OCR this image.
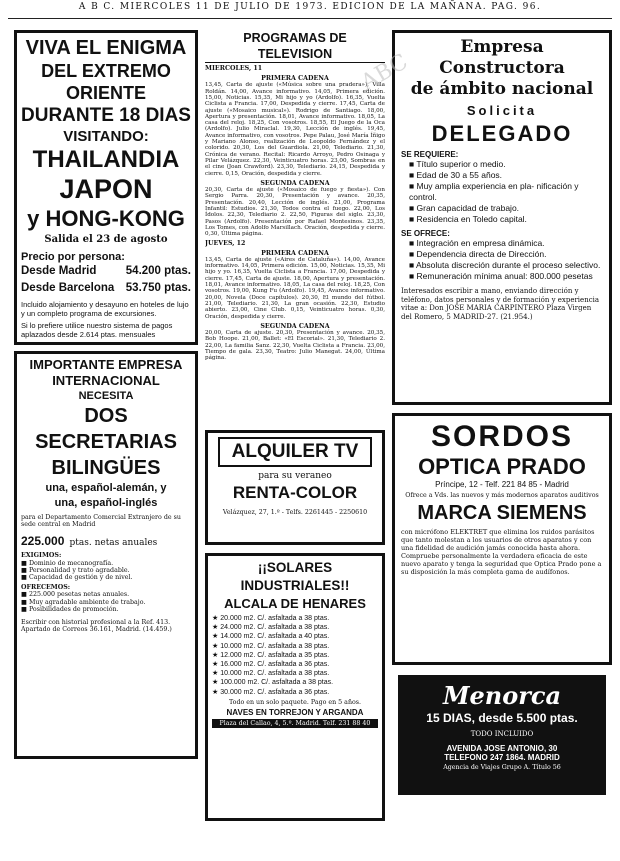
A B C. MIERCOLES 11 DE JULIO DE 1973. EDICION DE LA MAÑANA. PAG. 96.
VIVA EL ENIGMA
DEL EXTREMO ORIENTE
DURANTE 18 DIAS
VISITANDO:
THAILANDIA
JAPON
y HONG-KONG
Salida el 23 de agosto
Precio por persona:
Desde Madrid	54.200 ptas.
Desde Barcelona 53.750 ptas.
Incluido alojamiento y desayuno en hoteles de lujo y un completo programa de excursiones.
Si lo prefiere utilice nuestro sistema de pagos aplazados desde 2.614 ptas. mensuales
IMPORTANTE EMPRESA
INTERNACIONAL
NECESITA
DOS SECRETARIAS
BILINGÜES
una, español-alemán, y
una, español-inglés
para el Departamento Comercial Extranjero de su sede central en Madrid
225.000 ptas. netas anuales
EXIGIMOS:
■ Dominio de mecanografía.
■ Personalidad y trato agradable.
■ Capacidad de gestión y de nivel.
OFRECEMOS:
■ 225.000 pesetas netas anuales.
■ Muy agradable ambiente de trabajo.
■ Posibilidades de promoción.
Escribir con historial profesional a la Ref. 413. Apartado de Correos 36.161, Madrid. (14.459.)
PROGRAMAS DE TELEVISION
MIERCOLES, 11
PRIMERA CADENA
13,45, Carta de ajuste («Música sobre una pradera»), Villa Roldán. 14,00, Avance informativo. 14,05, Primera edición. 15,00, Noticias. 15,35, Mi hijo y yo (Ardolfo). 16,35, Vuelta Ciclista a Francia. 17,00, Despedida y cierre. 17,45, Carta de ajuste («Mosaico musical»). Rodrigo de Santiago. 18,00, Apertura y presentación. 18,01, Avance informativo. 18,05, La casa del reloj. 18,25, Con vosotros. 18,55, El Juego de la Oca (Ardolfo). Julio Miraclal. 19,30, Lección de inglés. 19,45, Avance informativo, con vosotros. Pepe Palau, José María Íñigo y Mariano Alonso, realización de Leopoldo Fernández y el colorido. 20,30, Los del Guardiola. 21,00, Telediario. 21,30, Crónica de verano. Recital: Ricardo Arroyo, Pedro Osinaga y Pilar Velázquez. 22,30, Veinticuatro horas. 23,00, Sombras en el cine (Joan Crawford). 23,30, Telediario. 24,15, Despedida y cierre. 0,15, Oración, despedida y cierre.
SEGUNDA CADENA
20,30, Carta de ajuste («Mosaico de fuego y fiesta»). Con Sergio Parra. 20,30, Presentación y avance. 20,35, Presentación. 20,40, Lección de inglés. 21,00, Programa Infantil: Estudios. 21,30, Todos contra el fuego. 22,00, Los Ídolos. 22,30, Telediario 2. 22,50, Figuras del siglo. 23,30, Pasos (Ardolfo). Presentación por Rafael Montesinos. 23,35, Los Tomes, con Adolfo Marsillach. Oración, despedida y cierre. 0,30, Última página.
JUEVES, 12
PRIMERA CADENA
13,45, Carta de ajuste («Aires de Cataluña»). 14,00, Avance informativo. 14,05, Primera edición. 15,00, Noticias. 15,35, Mi hijo y yo. 16,35, Vuelta Ciclista a Francia. 17,00, Despedida y cierre. 17,45, Carta de ajuste. 18,00, Apertura y presentación. 18,01, Avance informativo. 18,05, La casa del reloj. 18,25, Con vosotros. 19,00, Kung Fu (Ardolfo). 19,45, Avance informativo. 20,00, Novela (Doce capítulos). 20,30, El mundo del fútbol. 21,00, Telediario. 21,30, La gran ocasión. 22,30, Estudio abierto. 23,00, Cine Club. 0,15, Veinticuatro horas. 0,30, Oración, despedida y cierre.
SEGUNDA CADENA
20,00, Carta de ajuste. 20,30, Presentación y avance. 20,35, Bob Hoope. 21,00, Ballet: «El Escorial». 21,30, Telediario 2. 22,00, La familia Sanz. 22,30, Vuelta Ciclista a Francia. 23,00, Tiempo de gala. 23,30, Teatro: Julio Manegat. 24,00, Última página.
ALQUILER TV
para su veraneo
RENTA-COLOR
Velázquez, 27, 1.º - Telfs. 2261445 - 2250610
¡¡SOLARES INDUSTRIALES!!
ALCALA DE HENARES
★ 20.000 m2. C/. asfaltada a 38 ptas.
★ 24.000 m2. C/. asfaltada a 38 ptas.
★ 14.000 m2. C/. asfaltada a 40 ptas.
★ 10.000 m2. C/. asfaltada a 38 ptas.
★ 12.000 m2. C/. asfaltada a 35 ptas.
★ 16.000 m2. C/. asfaltada a 36 ptas.
★ 10.000 m2. C/. asfaltada a 38 ptas.
★ 100.000 m2. C/. asfaltada a 38 ptas.
★ 30.000 m2. C/. asfaltada a 36 ptas.
Todo en un solo paquete. Pago en 5 años.
NAVES EN TORREJON Y ARGANDA
Plaza del Callao, 4, 5.º. Madrid. Telf. 231 88 40
Empresa Constructora
de ámbito nacional
Solicita
DELEGADO
SE REQUIERE:
■ Título superior o medio.
■ Edad de 30 a 55 años.
■ Muy amplia experiencia en pla- nificación y control.
■ Gran capacidad de trabajo.
■ Residencia en Toledo capital.
SE OFRECE:
■ Integración en empresa dinámica.
■ Dependencia directa de Dirección.
■ Absoluta discreción durante el proceso selectivo.
■ Remuneración mínima anual: 800.000 pesetas
Interesados escribir a mano, enviando dirección y teléfono, datos personales y de formación y experiencia vitae a: Don JOSE MARIA CARPINTERO Plaza Virgen del Romero, 5 MADRID-27. (21.954.)
SORDOS
OPTICA PRADO
Príncipe, 12 - Telf. 221 84 85 - Madrid
Ofrece a Vds. las nuevos y más modernos aparatos auditivos
MARCA SIEMENS
con micrófono ELEKTRET que elimina los ruidos parásitos que tanto molestan a los usuarios de otros aparatos y con una fidelidad de audición jamás conocida hasta ahora. Compruebe personalmente la verdadera eficacia de este nuevo aparato y tenga la seguridad que Optica Prado pone a su disposición la más completa gama de audífonos.
Menorca
15 DIAS, desde 5.500 ptas.
TODO INCLUIDO
AVENIDA JOSE ANTONIO, 30
TELEFONO 247 1864. MADRID
Agencia de Viajes Grupo A. Título 56
ABC
